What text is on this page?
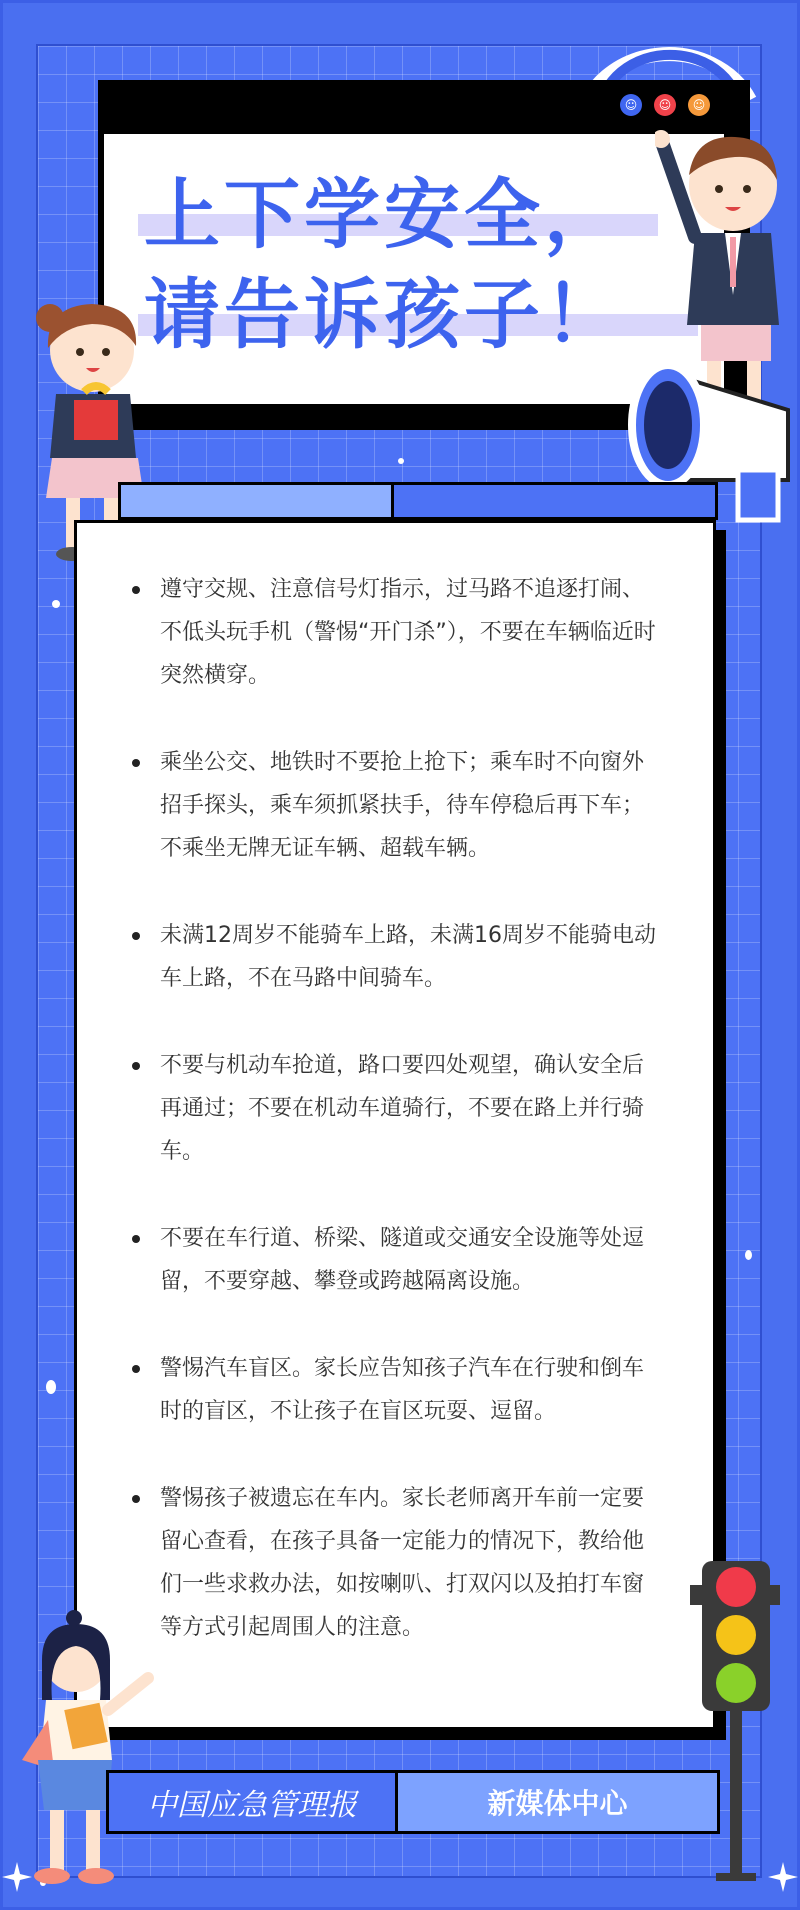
☺	☺	☺
上下学安全，
请告诉孩子！
遵守交规、注意信号灯指示，过马路不追逐打闹、不低头玩手机（警惕“开门杀”），不要在车辆临近时突然横穿。
乘坐公交、地铁时不要抢上抢下；乘车时不向窗外招手探头，乘车须抓紧扶手，待车停稳后再下车；不乘坐无牌无证车辆、超载车辆。
未满12周岁不能骑车上路，未满16周岁不能骑电动车上路，不在马路中间骑车。
不要与机动车抢道，路口要四处观望，确认安全后再通过；不要在机动车道骑行，不要在路上并行骑车。
不要在车行道、桥梁、隧道或交通安全设施等处逗留，不要穿越、攀登或跨越隔离设施。
警惕汽车盲区。家长应告知孩子汽车在行驶和倒车时的盲区，不让孩子在盲区玩耍、逗留。
警惕孩子被遗忘在车内。家长老师离开车前一定要留心查看，在孩子具备一定能力的情况下，教给他们一些求救办法，如按喇叭、打双闪以及拍打车窗等方式引起周围人的注意。
中国应急管理报	新媒体中心
